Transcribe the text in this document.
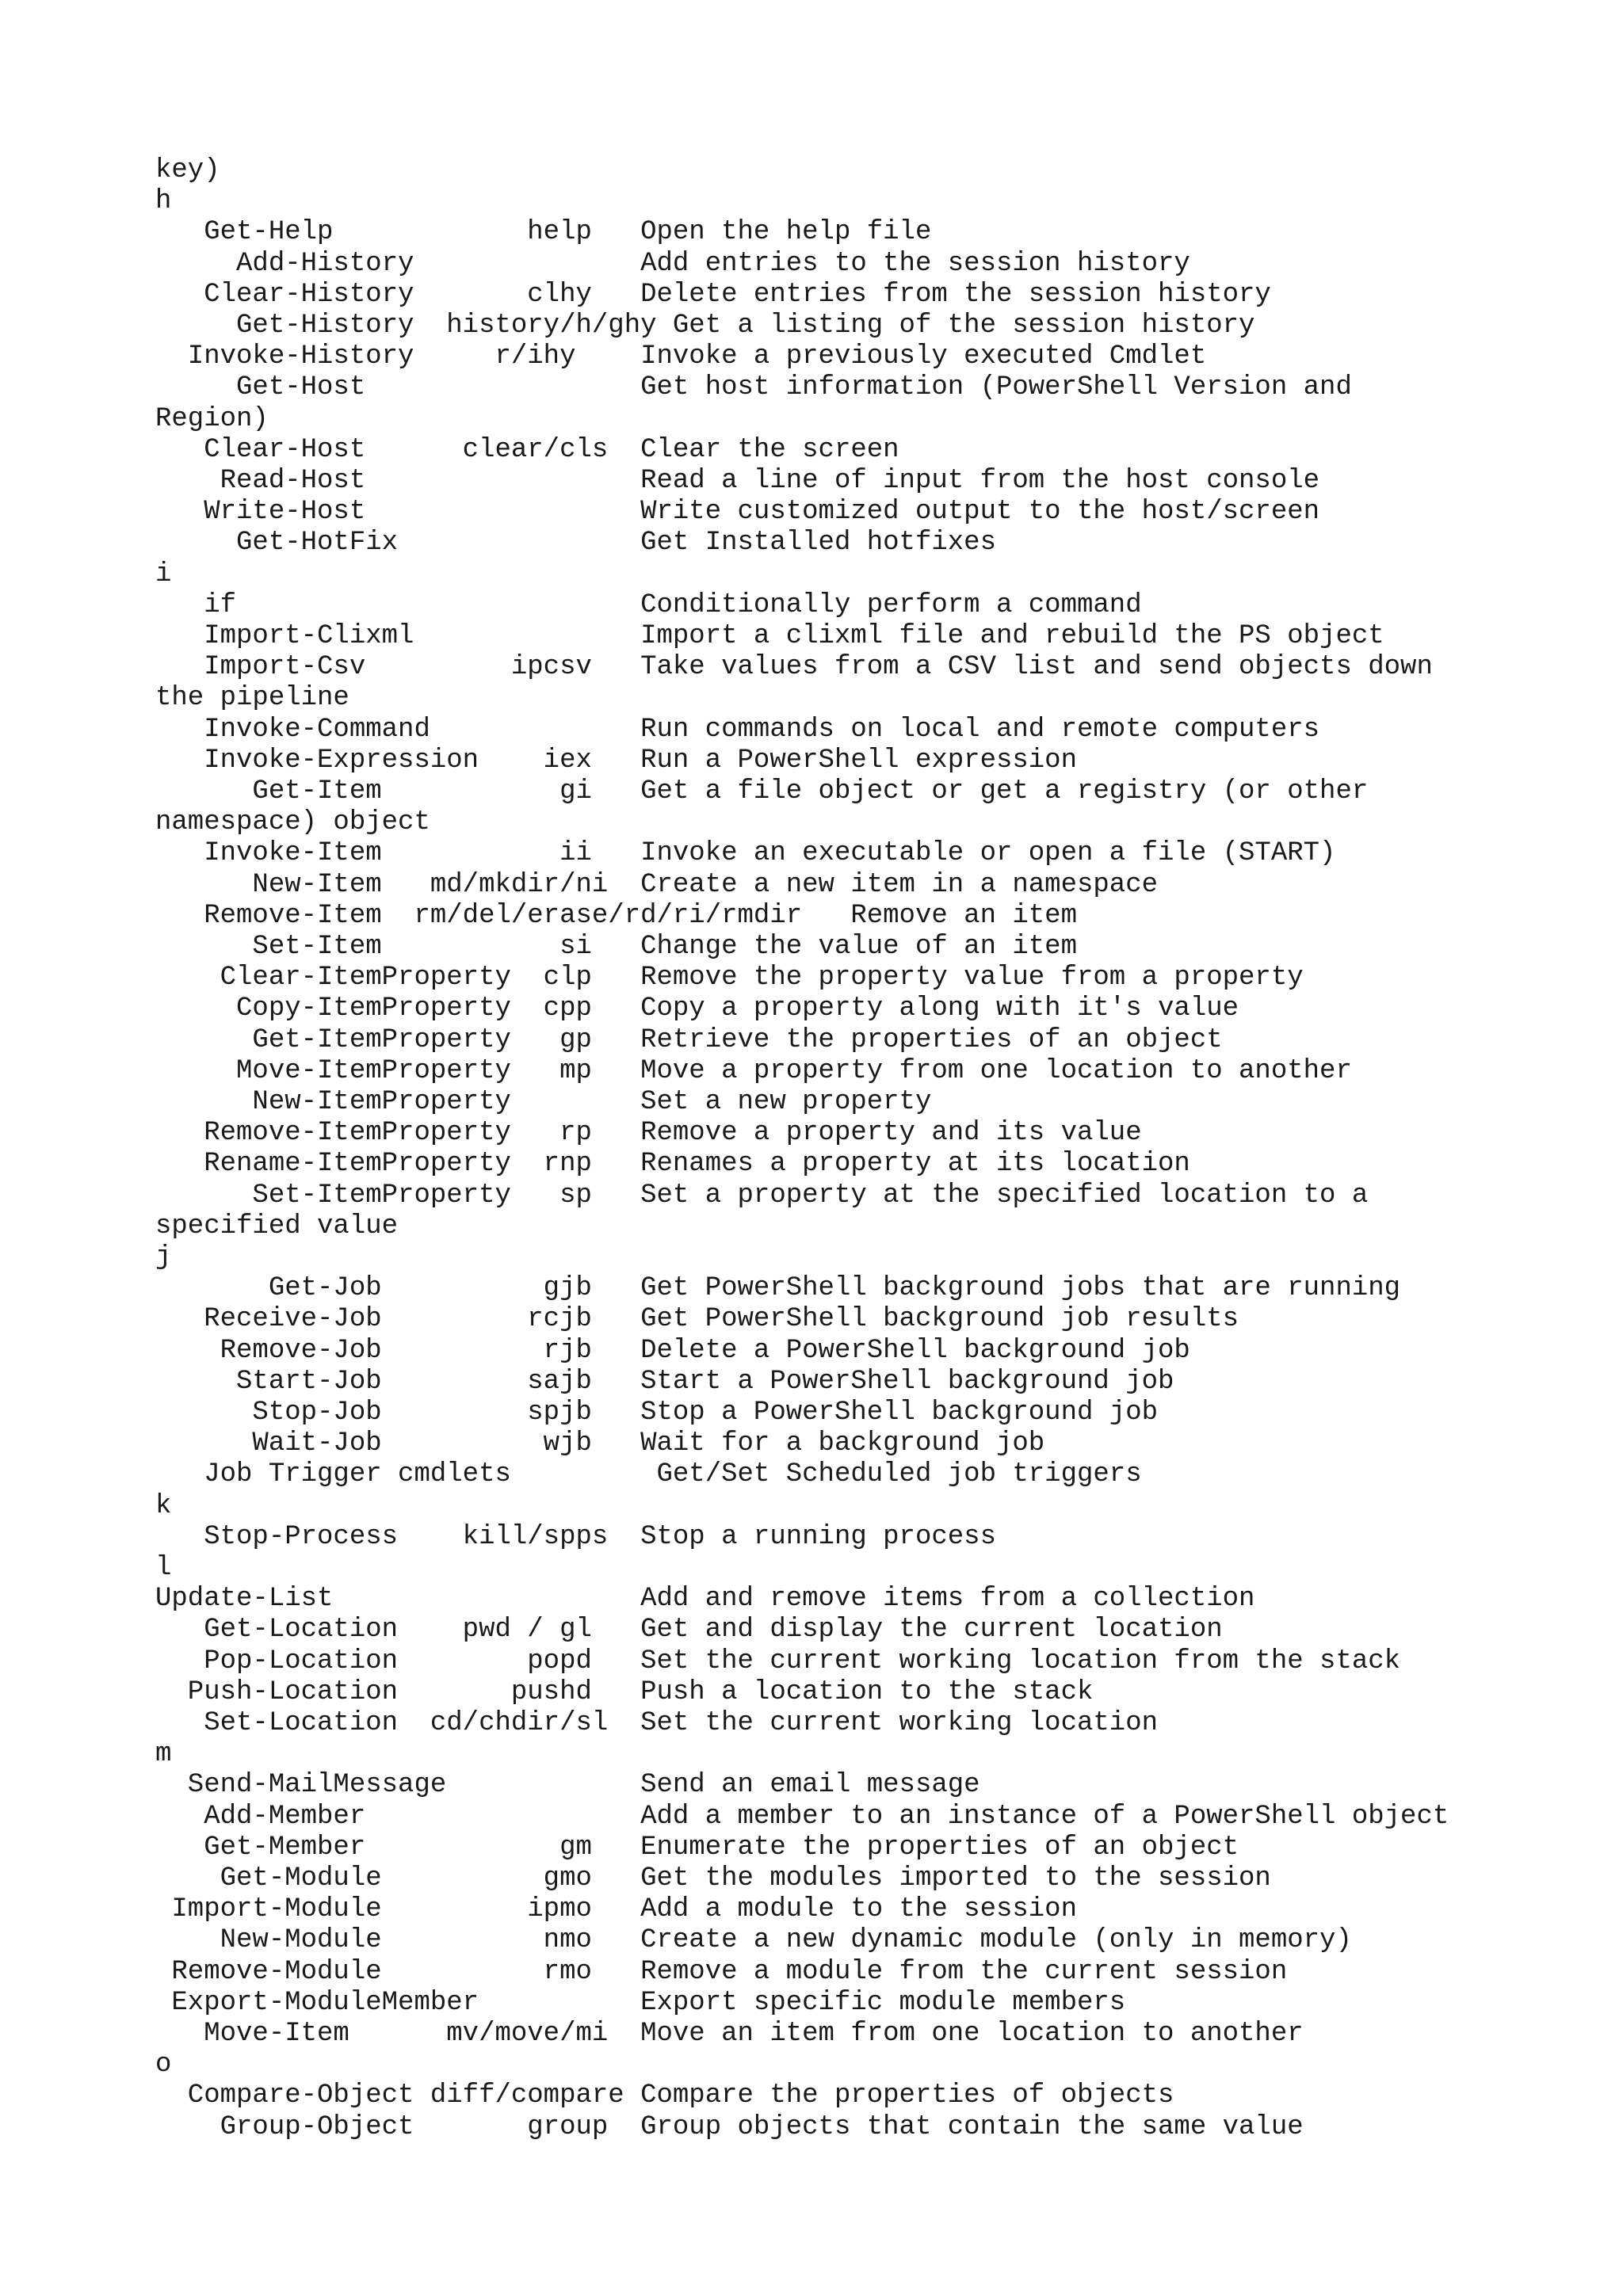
key)
h
Get-Help            help   Open the help file
Add-History              Add entries to the session history
Clear-History       clhy   Delete entries from the session history
Get-History  history/h/ghy Get a listing of the session history
Invoke-History     r/ihy    Invoke a previously executed Cmdlet
Get-Host                 Get host information (PowerShell Version and
Region)
Clear-Host      clear/cls  Clear the screen
Read-Host                 Read a line of input from the host console
Write-Host                 Write customized output to the host/screen
Get-HotFix               Get Installed hotfixes
i
if                         Conditionally perform a command
Import-Clixml              Import a clixml file and rebuild the PS object
Import-Csv         ipcsv   Take values from a CSV list and send objects down
the pipeline
Invoke-Command             Run commands on local and remote computers
Invoke-Expression    iex   Run a PowerShell expression
Get-Item           gi   Get a file object or get a registry (or other
namespace) object
Invoke-Item           ii   Invoke an executable or open a file (START)
New-Item   md/mkdir/ni  Create a new item in a namespace
Remove-Item  rm/del/erase/rd/ri/rmdir   Remove an item
Set-Item           si   Change the value of an item
Clear-ItemProperty  clp   Remove the property value from a property
Copy-ItemProperty  cpp   Copy a property along with it's value
Get-ItemProperty   gp   Retrieve the properties of an object
Move-ItemProperty   mp   Move a property from one location to another
New-ItemProperty        Set a new property
Remove-ItemProperty   rp   Remove a property and its value
Rename-ItemProperty  rnp   Renames a property at its location
Set-ItemProperty   sp   Set a property at the specified location to a
specified value
j
Get-Job          gjb   Get PowerShell background jobs that are running
Receive-Job         rcjb   Get PowerShell background job results
Remove-Job          rjb   Delete a PowerShell background job
Start-Job         sajb   Start a PowerShell background job
Stop-Job         spjb   Stop a PowerShell background job
Wait-Job          wjb   Wait for a background job
Job Trigger cmdlets         Get/Set Scheduled job triggers
k
Stop-Process    kill/spps  Stop a running process
l
Update-List                   Add and remove items from a collection
Get-Location    pwd / gl   Get and display the current location
Pop-Location        popd   Set the current working location from the stack
Push-Location       pushd   Push a location to the stack
Set-Location  cd/chdir/sl  Set the current working location
m
Send-MailMessage            Send an email message
Add-Member                 Add a member to an instance of a PowerShell object
Get-Member            gm   Enumerate the properties of an object
Get-Module          gmo   Get the modules imported to the session
Import-Module         ipmo   Add a module to the session
New-Module          nmo   Create a new dynamic module (only in memory)
Remove-Module          rmo   Remove a module from the current session
Export-ModuleMember          Export specific module members
Move-Item      mv/move/mi  Move an item from one location to another
o
Compare-Object diff/compare Compare the properties of objects
Group-Object       group  Group objects that contain the same value
